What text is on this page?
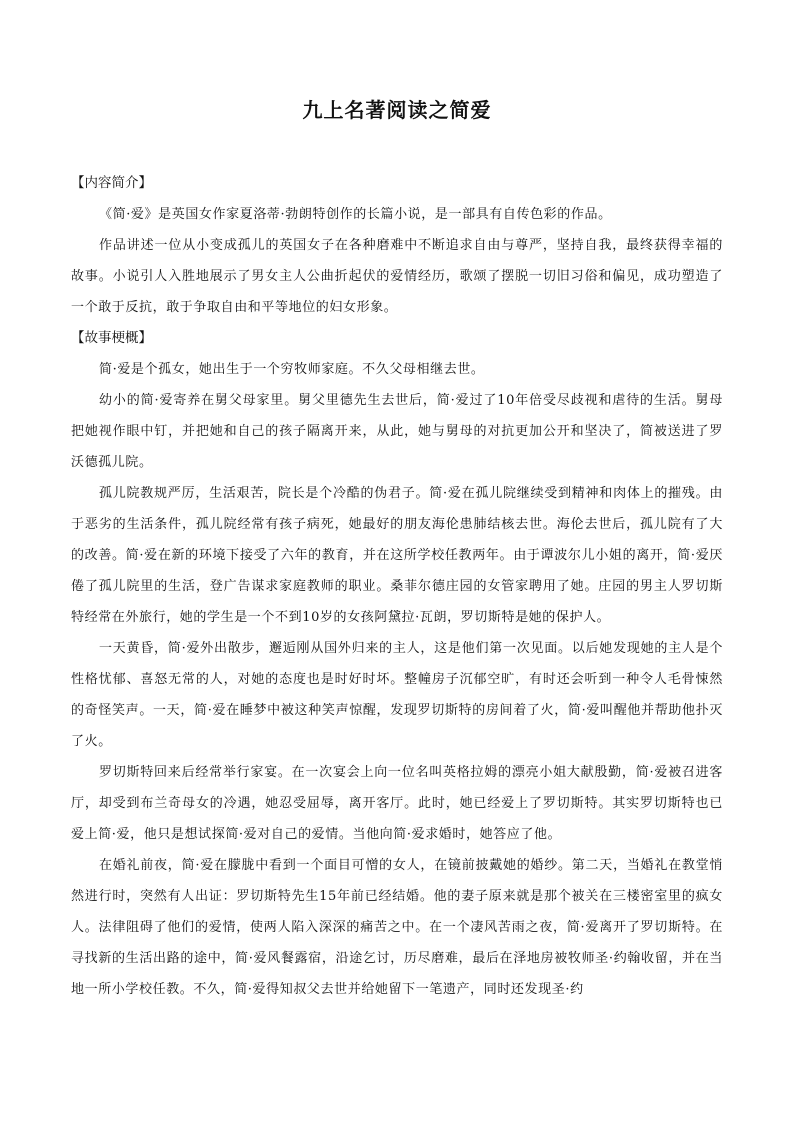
九上名著阅读之简爱
【内容简介】

《简·爱》是英国女作家夏洛蒂·勃朗特创作的长篇小说，是一部具有自传色彩的作品。

作品讲述一位从小变成孤儿的英国女子在各种磨难中不断追求自由与尊严，坚持自我，最终获得幸福的故事。小说引人入胜地展示了男女主人公曲折起伏的爱情经历，歌颂了摆脱一切旧习俗和偏见，成功塑造了一个敢于反抗，敢于争取自由和平等地位的妇女形象。

【故事梗概】

简·爱是个孤女，她出生于一个穷牧师家庭。不久父母相继去世。

幼小的简·爱寄养在舅父母家里。舅父里德先生去世后，简·爱过了10年倍受尽歧视和虐待的生活。舅母把她视作眼中钉，并把她和自己的孩子隔离开来，从此，她与舅母的对抗更加公开和坚决了，简被送进了罗沃德孤儿院。

孤儿院教规严厉，生活艰苦，院长是个冷酷的伪君子。简·爱在孤儿院继续受到精神和肉体上的摧残。由于恶劣的生活条件，孤儿院经常有孩子病死，她最好的朋友海伦患肺结核去世。海伦去世后，孤儿院有了大的改善。简·爱在新的环境下接受了六年的教育，并在这所学校任教两年。由于谭波尔儿小姐的离开，简·爱厌倦了孤儿院里的生活，登广告谋求家庭教师的职业。桑菲尔德庄园的女管家聘用了她。庄园的男主人罗切斯特经常在外旅行，她的学生是一个不到10岁的女孩阿黛拉·瓦朗，罗切斯特是她的保护人。

一天黄昏，简·爱外出散步，邂逅刚从国外归来的主人，这是他们第一次见面。以后她发现她的主人是个性格忧郁、喜怒无常的人，对她的态度也是时好时坏。整幢房子沉郁空旷，有时还会听到一种令人毛骨悚然的奇怪笑声。一天，简·爱在睡梦中被这种笑声惊醒，发现罗切斯特的房间着了火，简·爱叫醒他并帮助他扑灭了火。

罗切斯特回来后经常举行家宴。在一次宴会上向一位名叫英格拉姆的漂亮小姐大献殷勤，简·爱被召进客厅，却受到布兰奇母女的冷遇，她忍受屈辱，离开客厅。此时，她已经爱上了罗切斯特。其实罗切斯特也已爱上简·爱，他只是想试探简·爱对自己的爱情。当他向简·爱求婚时，她答应了他。

在婚礼前夜，简·爱在朦胧中看到一个面目可憎的女人，在镜前披戴她的婚纱。第二天，当婚礼在教堂悄然进行时，突然有人出证：罗切斯特先生15年前已经结婚。他的妻子原来就是那个被关在三楼密室里的疯女人。法律阻碍了他们的爱情，使两人陷入深深的痛苦之中。在一个凄风苦雨之夜，简·爱离开了罗切斯特。在寻找新的生活出路的途中，简·爱风餐露宿，沿途乞讨，历尽磨难，最后在泽地房被牧师圣·约翰收留，并在当地一所小学校任教。不久，简·爱得知叔父去世并给她留下一笔遗产，同时还发现圣·约
